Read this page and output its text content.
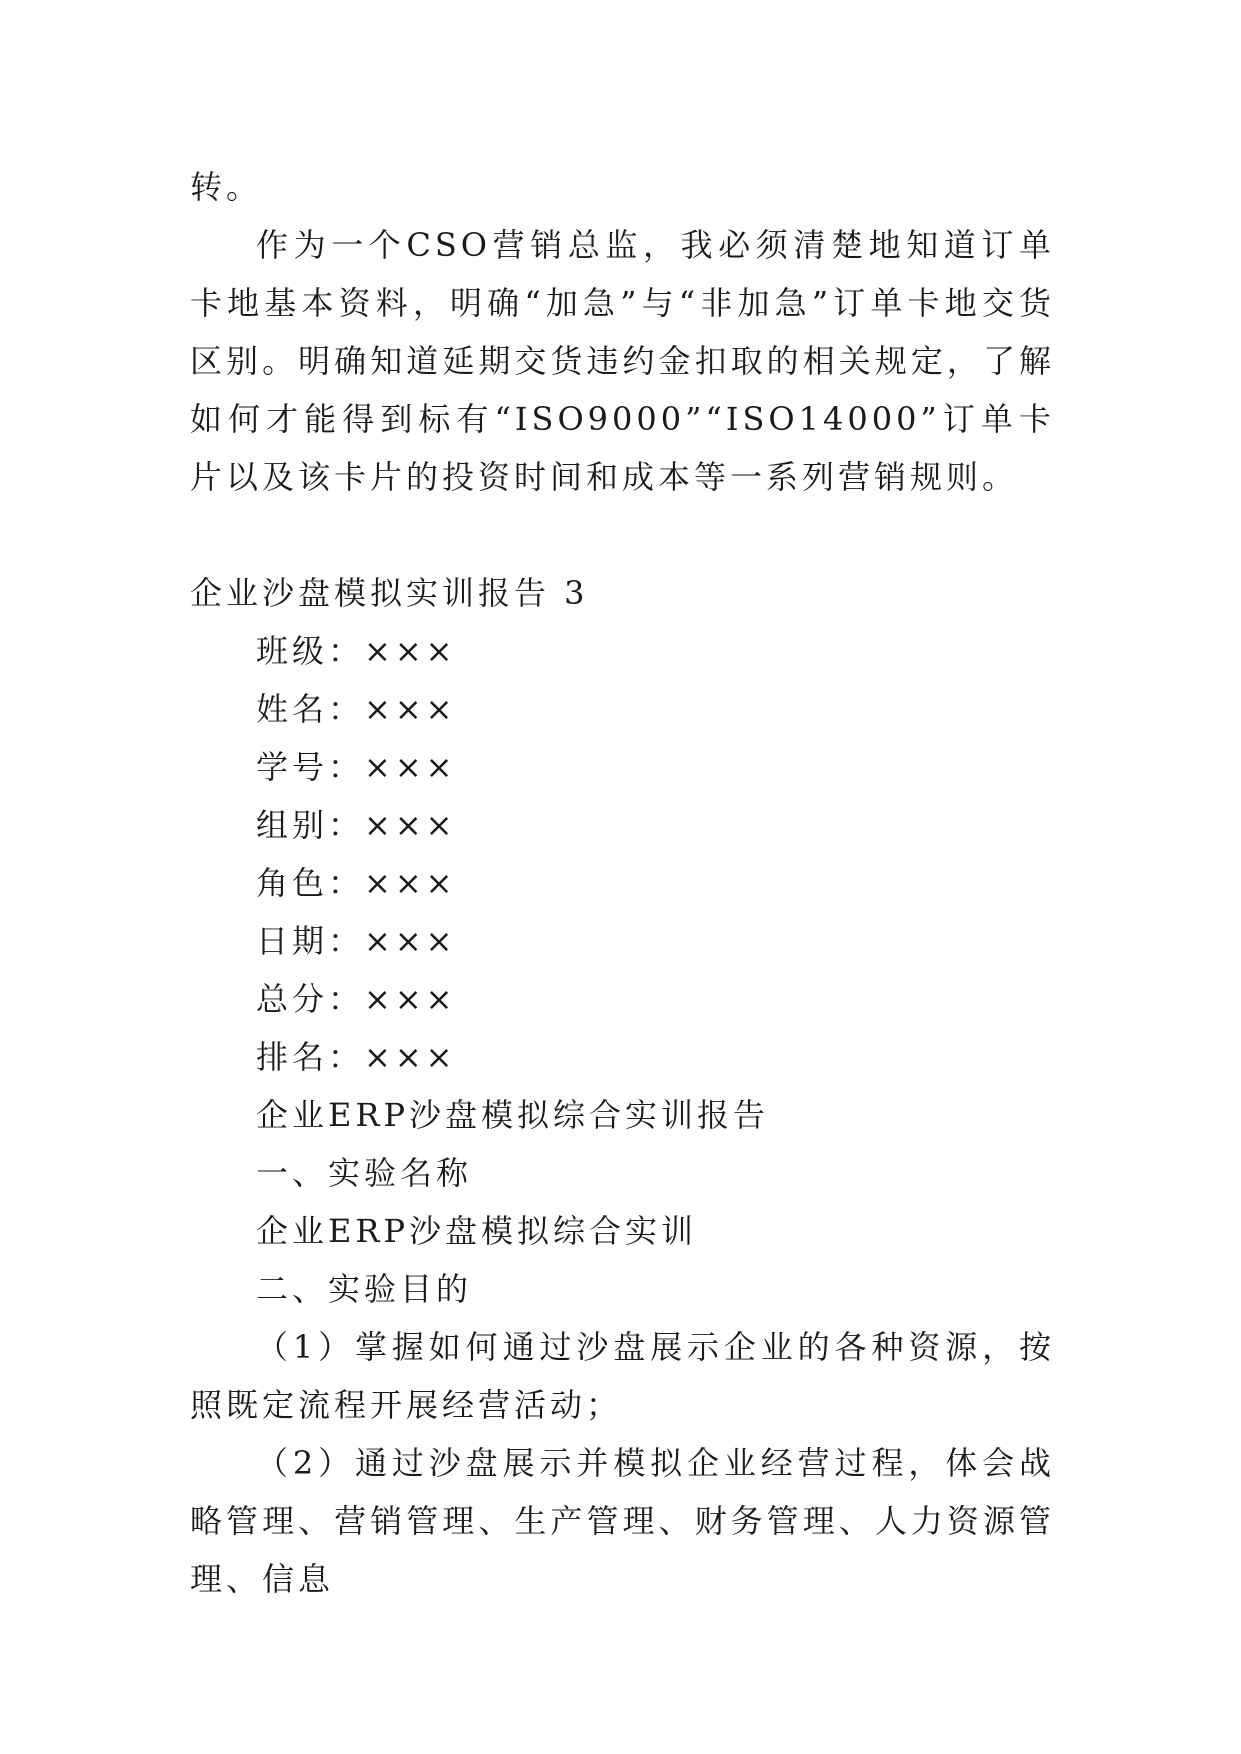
转。

作为一个CSO营销总监，我必须清楚地知道订单卡地基本资料，明确“加急”与“非加急”订单卡地交货区别。明确知道延期交货违约金扣取的相关规定，了解如何才能得到标有“ISO9000”“ISO14000”订单卡片以及该卡片的投资时间和成本等一系列营销规则。

企业沙盘模拟实训报告 3

班级：×××

姓名：×××

学号：×××

组别：×××

角色：×××

日期：×××

总分：×××

排名：×××

企业ERP沙盘模拟综合实训报告

一、实验名称

企业ERP沙盘模拟综合实训

二、实验目的

（1）掌握如何通过沙盘展示企业的各种资源，按照既定流程开展经营活动；

（2）通过沙盘展示并模拟企业经营过程，体会战略管理、营销管理、生产管理、财务管理、人力资源管理、信息
